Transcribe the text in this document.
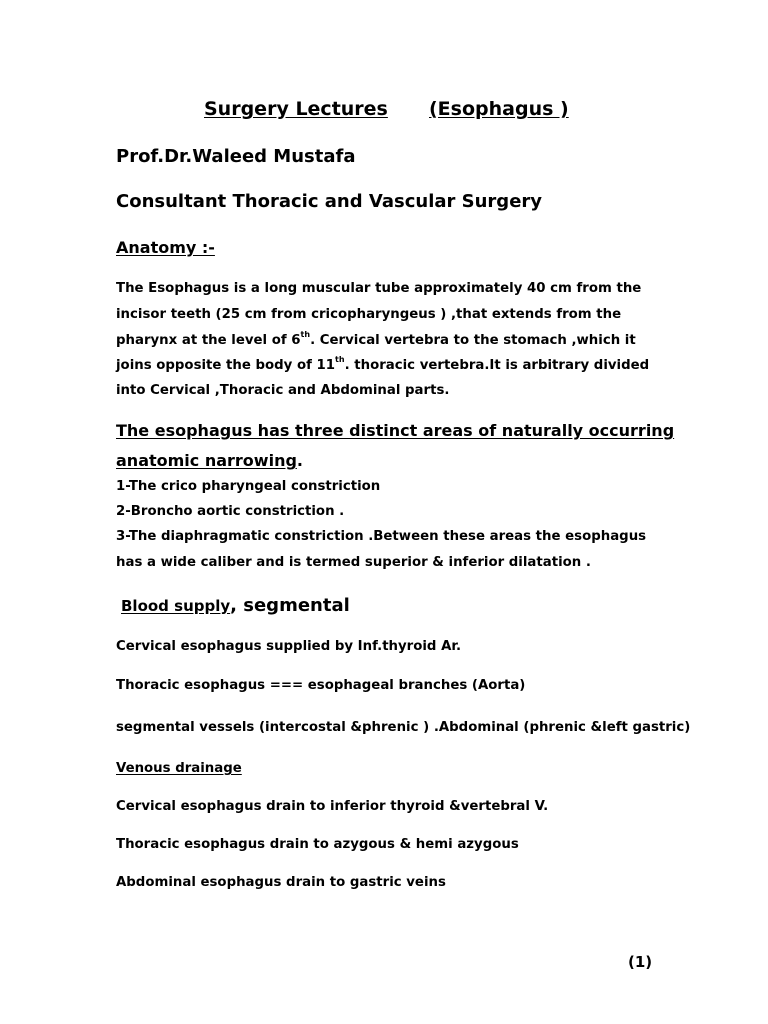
Surgery Lectures (Esophagus )
Prof.Dr.Waleed Mustafa
Consultant Thoracic and Vascular Surgery
Anatomy :-
The Esophagus is a long muscular tube approximately 40 cm from the
incisor teeth (25 cm from cricopharyngeus ) ,that extends from the
pharynx at the level of 6th. Cervical vertebra to the stomach ,which it
joins opposite the body of 11th. thoracic vertebra.It is arbitrary divided
into Cervical ,Thoracic and Abdominal parts.
The esophagus has three distinct areas of naturally occurring
anatomic narrowing.
1-The crico pharyngeal constriction
2-Broncho aortic constriction .
3-The diaphragmatic constriction .Between these areas the esophagus
has a wide caliber and is termed superior & inferior dilatation .
Blood supply, segmental
Cervical esophagus supplied by Inf.thyroid Ar.
Thoracic esophagus === esophageal branches (Aorta)
segmental vessels (intercostal &phrenic ) .Abdominal (phrenic &left gastric)
Venous drainage
Cervical esophagus drain to inferior thyroid &vertebral V.
Thoracic esophagus drain to azygous & hemi azygous
Abdominal esophagus drain to gastric veins
(1)
